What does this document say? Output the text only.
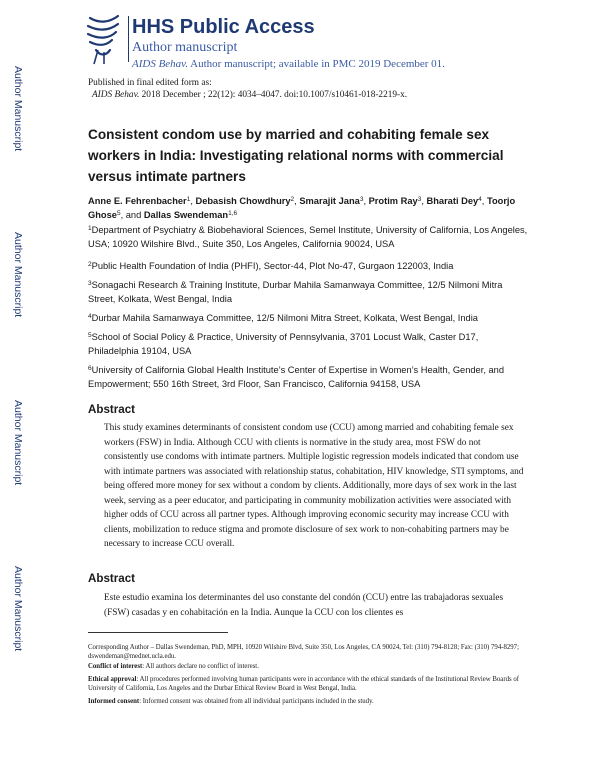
Author Manuscript
Author Manuscript
Author Manuscript
Author Manuscript
HHS Public Access
Author manuscript
AIDS Behav. Author manuscript; available in PMC 2019 December 01.
Published in final edited form as:
AIDS Behav. 2018 December ; 22(12): 4034–4047. doi:10.1007/s10461-018-2219-x.
Consistent condom use by married and cohabiting female sex workers in India: Investigating relational norms with commercial versus intimate partners
Anne E. Fehrenbacher$^1$, Debasish Chowdhury$^2$, Smarajit Jana$^3$, Protim Ray$^3$, Bharati Dey$^4$, Toorjo Ghose$^5$, and Dallas Swendeman$^{1,6}$
$^1$Department of Psychiatry & Biobehavioral Sciences, Semel Institute, University of California, Los Angeles, USA; 10920 Wilshire Blvd., Suite 350, Los Angeles, California 90024, USA
$^2$Public Health Foundation of India (PHFI), Sector-44, Plot No-47, Gurgaon 122003, India
$^3$Sonagachi Research & Training Institute, Durbar Mahila Samanwaya Committee, 12/5 Nilmoni Mitra Street, Kolkata, West Bengal, India
$^4$Durbar Mahila Samanwaya Committee, 12/5 Nilmoni Mitra Street, Kolkata, West Bengal, India
$^5$School of Social Policy & Practice, University of Pennsylvania, 3701 Locust Walk, Caster D17, Philadelphia 19104, USA
$^6$University of California Global Health Institute’s Center of Expertise in Women’s Health, Gender, and Empowerment; 550 16th Street, 3rd Floor, San Francisco, California 94158, USA
Abstract
This study examines determinants of consistent condom use (CCU) among married and cohabiting female sex workers (FSW) in India. Although CCU with clients is normative in the study area, most FSW do not consistently use condoms with intimate partners. Multiple logistic regression models indicated that condom use with intimate partners was associated with relationship status, cohabitation, HIV knowledge, STI symptoms, and being offered more money for sex without a condom by clients. Additionally, more days of sex work in the last week, serving as a peer educator, and participating in community mobilization activities were associated with higher odds of CCU across all partner types. Although improving economic security may increase CCU with clients, mobilization to reduce stigma and promote disclosure of sex work to non-cohabiting partners may be necessary to increase CCU overall.
Abstract
Este estudio examina los determinantes del uso constante del condón (CCU) entre las trabajadoras sexuales (FSW) casadas y en cohabitación en la India. Aunque la CCU con los clientes es
Corresponding Author – Dallas Swendeman, PhD, MPH, 10920 Wilshire Blvd, Suite 350, Los Angeles, CA 90024, Tel: (310) 794-8128; Fax: (310) 794-8297; dswendeman@mednet.ucla.edu.
Conflict of interest: All authors declare no conflict of interest.
Ethical approval: All procedures performed involving human participants were in accordance with the ethical standards of the Institutional Review Boards of University of California, Los Angeles and the Durbar Ethical Review Board in West Bengal, India.
Informed consent: Informed consent was obtained from all individual participants included in the study.
